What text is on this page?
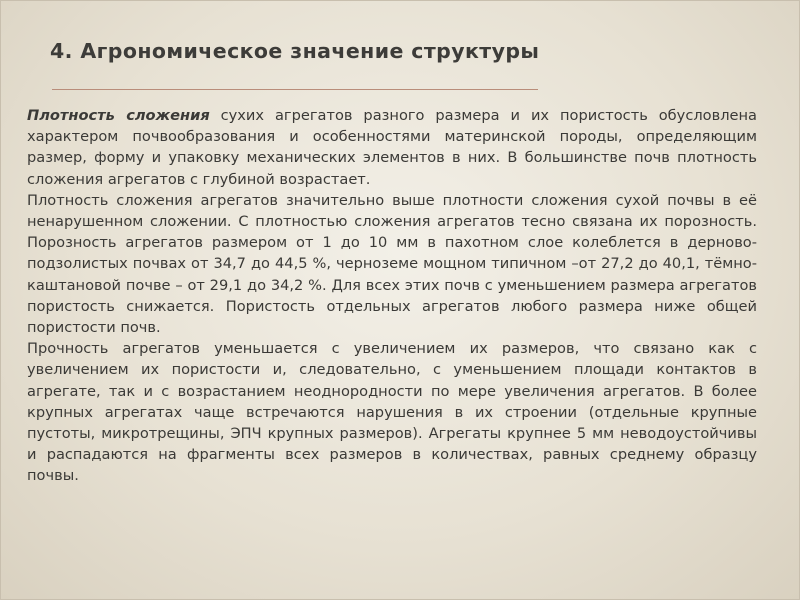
4. Агрономическое значение структуры

Плотность сложения сухих агрегатов разного размера и их пористость обусловлена характером почвообразования и особенностями материнской породы, определяющим размер, форму и упаковку механических элементов в них. В большинстве почв плотность сложения агрегатов с глубиной возрастает.

Плотность сложения агрегатов значительно выше плотности сложения сухой почвы в её ненарушенном сложении. С плотностью сложения агрегатов тесно связана их порозность. Порозность агрегатов размером от 1 до 10 мм в пахотном слое колеблется в дерново-подзолистых почвах от 34,7 до 44,5 %, черноземе мощном типичном –от 27,2 до 40,1, тёмно-каштановой почве – от 29,1 до 34,2 %. Для всех этих почв с уменьшением размера агрегатов пористость снижается. Пористость отдельных агрегатов любого размера ниже общей пористости почв.

Прочность агрегатов уменьшается с увеличением их размеров, что связано как с увеличением их пористости и, следовательно, с уменьшением площади контактов в агрегате, так и с возрастанием неоднородности по мере увеличения агрегатов. В более крупных агрегатах чаще встречаются нарушения в их строении (отдельные крупные пустоты, микротрещины, ЭПЧ крупных размеров). Агрегаты крупнее 5 мм неводоустойчивы и распадаются на фрагменты всех размеров в количествах, равных среднему образцу почвы.
